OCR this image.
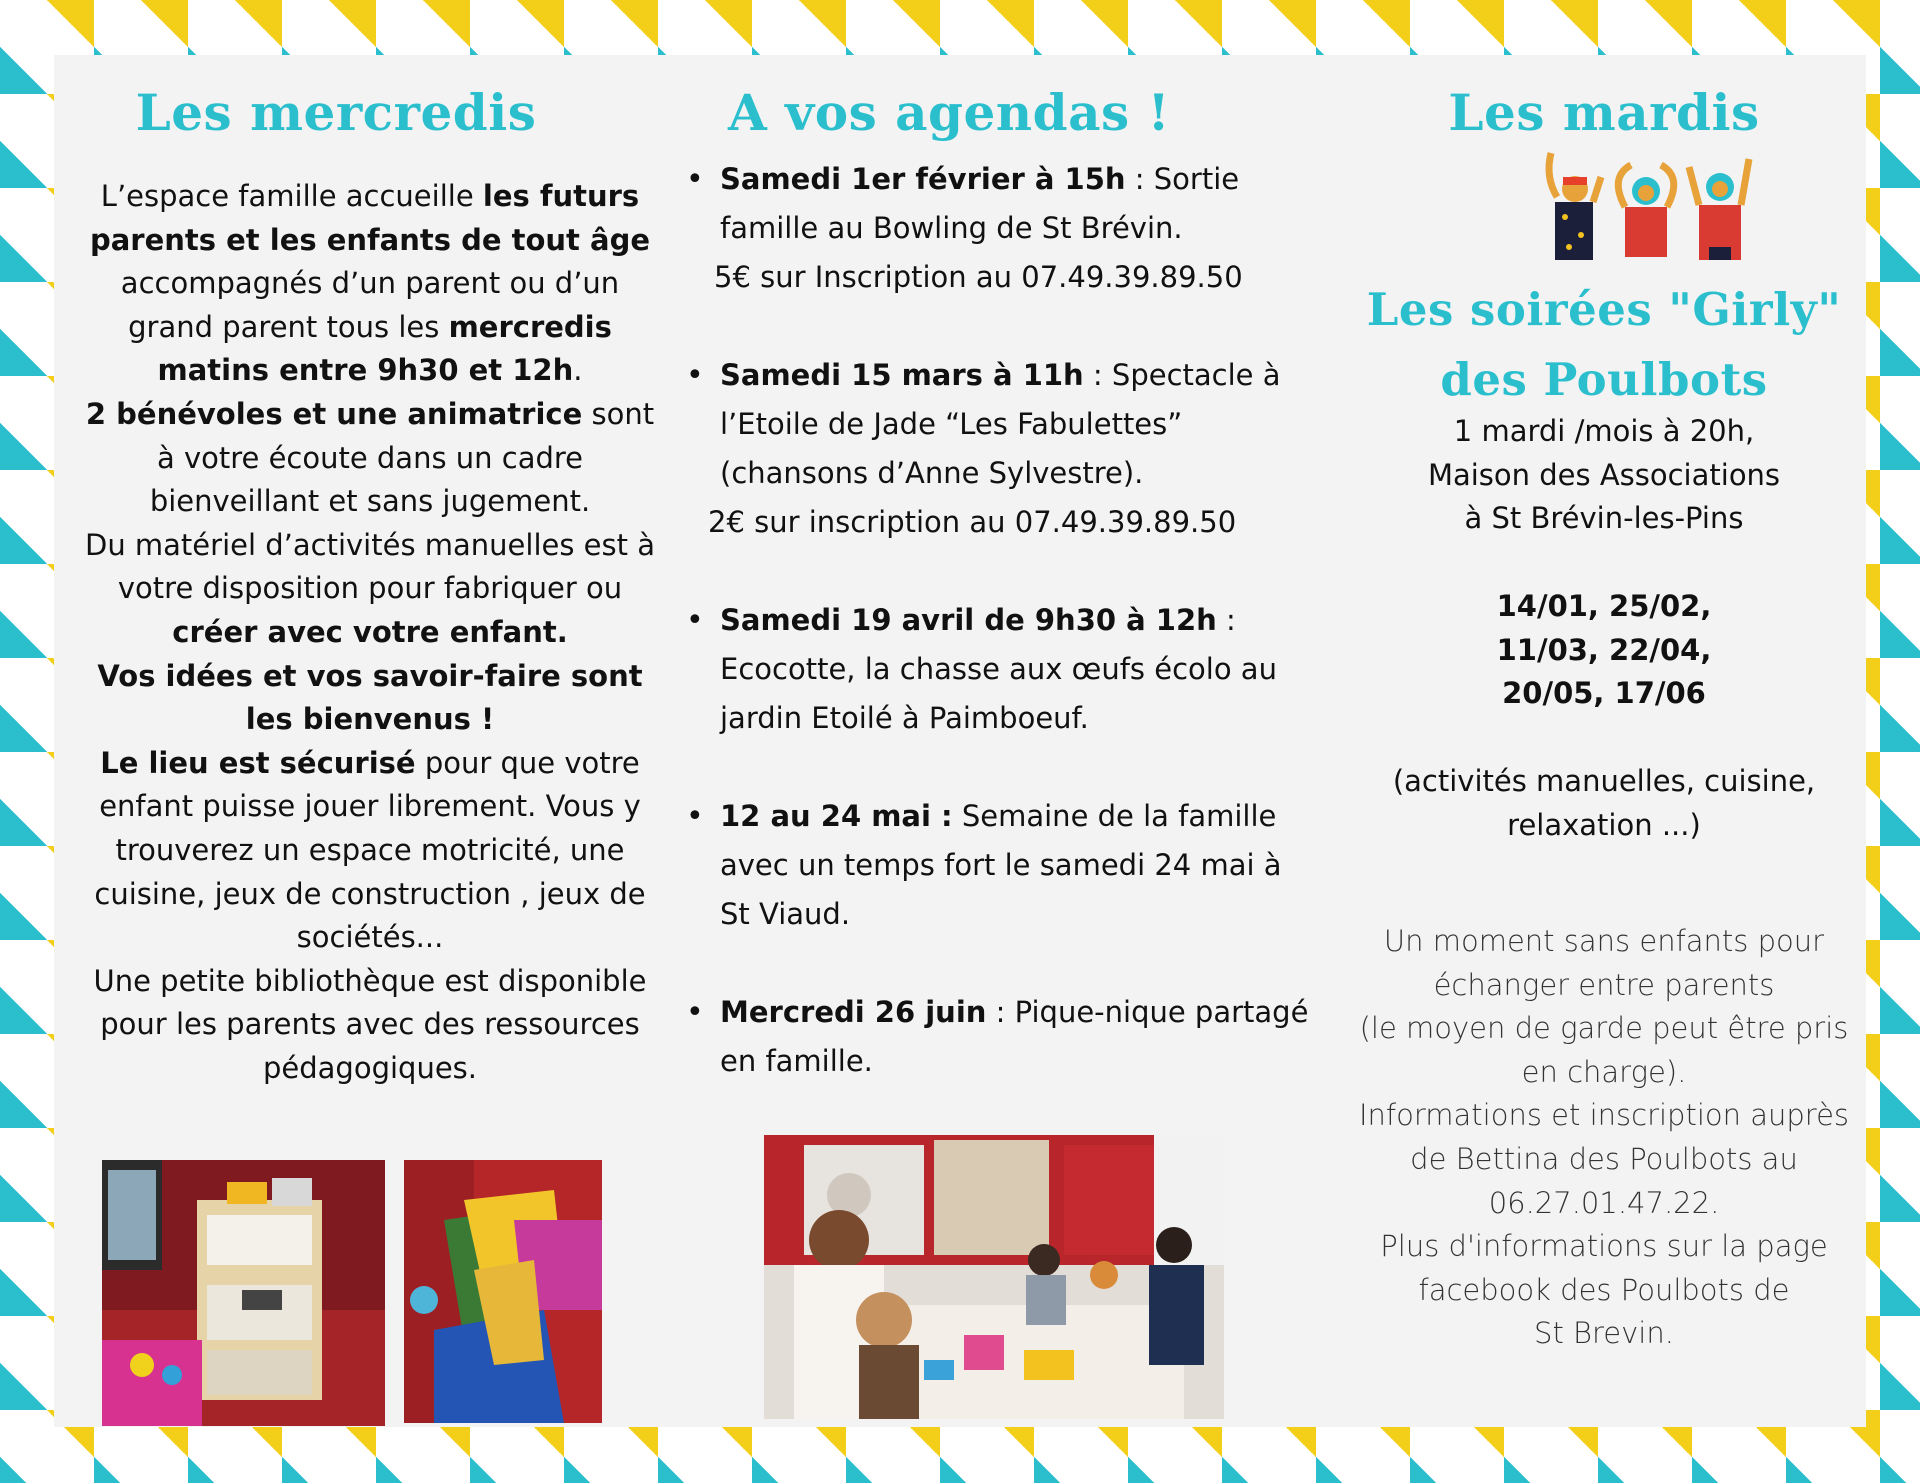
Les mercredis
L’espace famille accueille les futurs parents et les enfants de tout âge accompagnés d’un parent ou d’un grand parent tous les mercredis matins entre 9h30 et 12h.
2 bénévoles et une animatrice sont à votre écoute dans un cadre bienveillant et sans jugement.
Du matériel d’activités manuelles est à votre disposition pour fabriquer ou créer avec votre enfant.
Vos idées et vos savoir-faire sont les bienvenus !
Le lieu est sécurisé pour que votre enfant puisse jouer librement. Vous y trouverez un espace motricité, une cuisine, jeux de construction , jeux de sociétés...
Une petite bibliothèque est disponible pour les parents avec des ressources pédagogiques.
A vos agendas !
• Samedi 1er février à 15h : Sortie famille au Bowling de St Brévin.
5€ sur Inscription au 07.49.39.89.50
• Samedi 15 mars à 11h : Spectacle à l’Etoile de Jade “Les Fabulettes” (chansons d’Anne Sylvestre).
2€ sur inscription au 07.49.39.89.50
• Samedi 19 avril de 9h30 à 12h : Ecocotte, la chasse aux œufs écolo au jardin Etoilé à Paimboeuf.
• 12 au 24 mai : Semaine de la famille avec un temps fort le samedi 24 mai à St Viaud.
• Mercredi 26 juin : Pique-nique partagé en famille.
Les mardis
Les soirées "Girly"
des Poulbots
1 mardi /mois à 20h,
Maison des Associations
à St Brévin-les-Pins
14/01, 25/02,
11/03, 22/04,
20/05, 17/06
(activités manuelles, cuisine,
relaxation ...)
Un moment sans enfants pour
échanger entre parents
(le moyen de garde peut être pris
en charge).
Informations et inscription auprès
de Bettina des Poulbots au
06.27.01.47.22.
Plus d'informations sur la page
facebook des Poulbots de
St Brevin.
